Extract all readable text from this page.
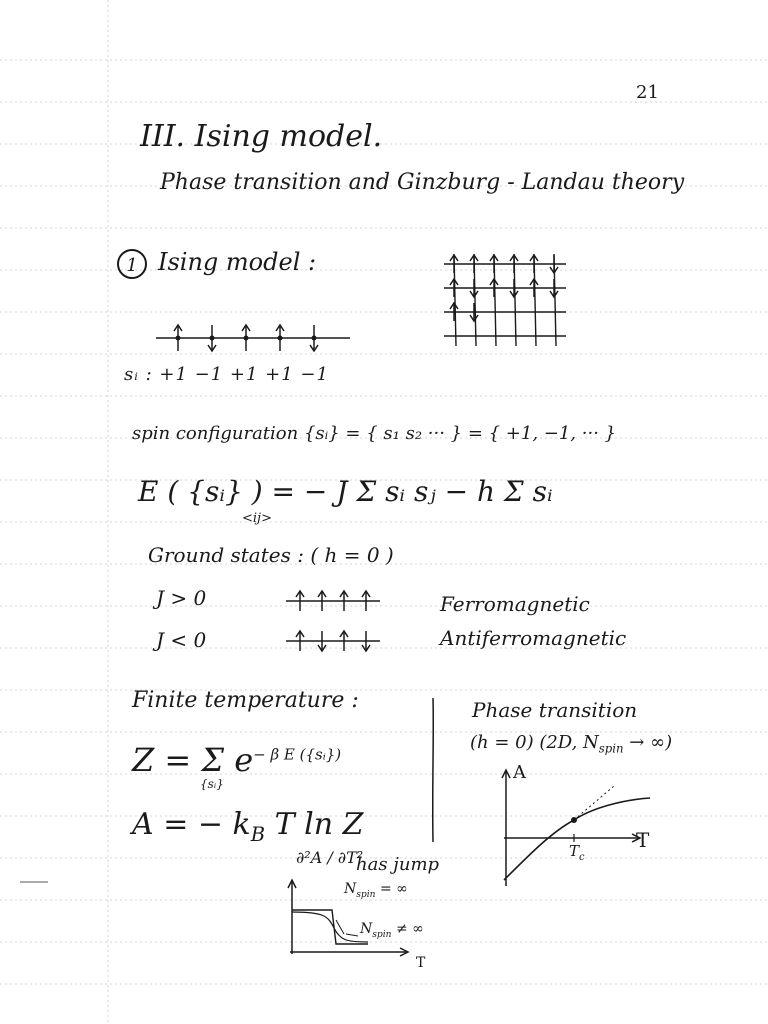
21
III. Ising model.
Phase transition and Ginzburg - Landau theory
1 Ising model :
sᵢ : +1 −1 +1 +1 −1
spin configuration {sᵢ} = { s₁ s₂ ··· } = { +1, −1, ··· }
E ( {sᵢ} ) = − J Σ sᵢ sⱼ − h Σ sᵢ
<ij>
Ground states : ( h = 0 )
J > 0
J < 0
Ferromagnetic
Antiferromagnetic
Finite temperature :
Z = Σ $e^{- \beta E (\{sᵢ\})}$
{sᵢ}
A = − $k_B$ T ln Z
Phase transition
(h = 0) (2D, $N_{spin}$ → ∞)
A
T
$T_c$
∂²A / ∂T²
has jump
$N_{spin}$ = ∞
$N_{spin}$ ≠ ∞
T
